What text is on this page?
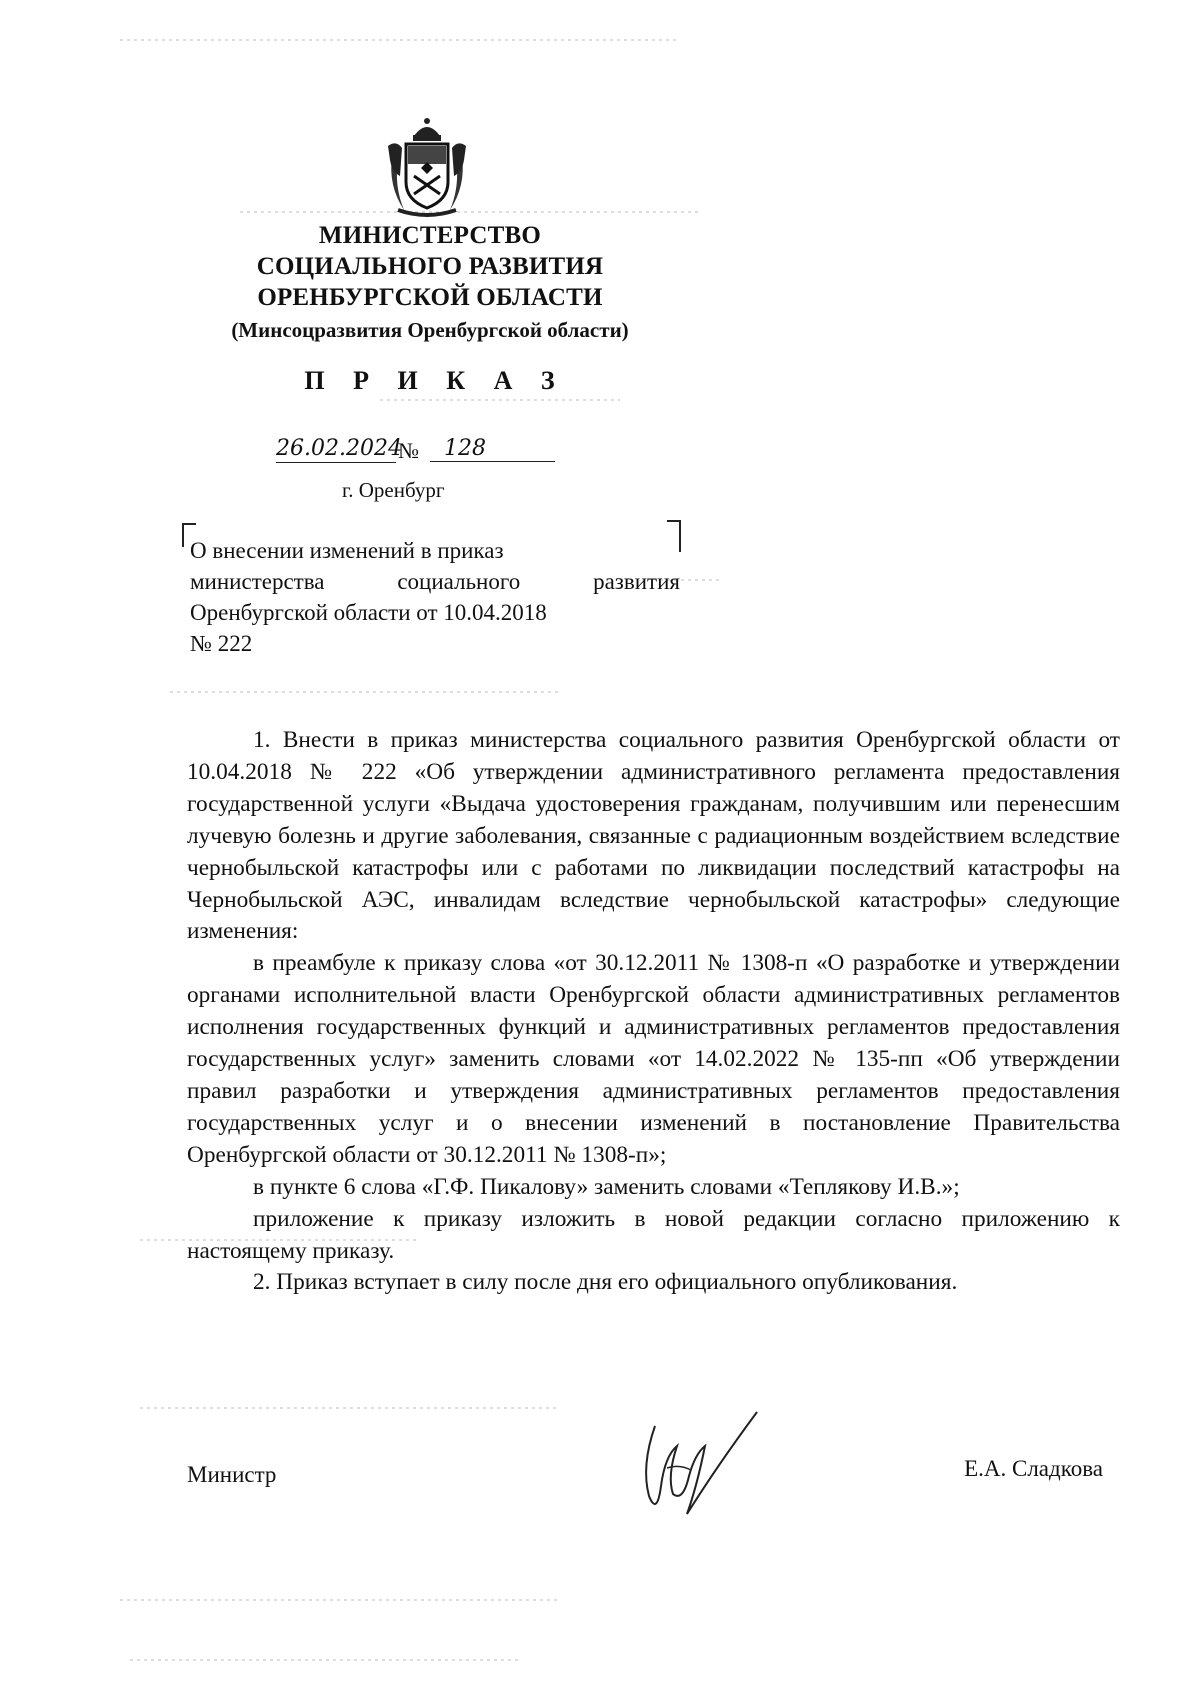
МИНИСТЕРСТВО
СОЦИАЛЬНОГО РАЗВИТИЯ
ОРЕНБУРГСКОЙ ОБЛАСТИ
(Минсоцразвития Оренбургской области)
П Р И К А З
26.02.2024
№	128
г. Оренбург

О внесении изменений в приказ

министерства социального развития

Оренбургской области от 10.04.2018

№ 222

1. Внести в приказ министерства социального развития Оренбургской области от 10.04.2018 № 222 «Об утверждении административного регламента предоставления государственной услуги «Выдача удостоверения гражданам, получившим или перенесшим лучевую болезнь и другие заболевания, связанные с радиационным воздействием вследствие чернобыльской катастрофы или с работами по ликвидации последствий катастрофы на Чернобыльской АЭС, инвалидам вследствие чернобыльской катастрофы» следующие изменения:

в преамбуле к приказу слова «от 30.12.2011 № 1308-п «О разработке и утверждении органами исполнительной власти Оренбургской области административных регламентов исполнения государственных функций и административных регламентов предоставления государственных услуг» заменить словами «от 14.02.2022 № 135-пп «Об утверждении правил разработки и утверждения административных регламентов предоставления государственных услуг и о внесении изменений в постановление Правительства Оренбургской области от 30.12.2011 № 1308-п»;

в пункте 6 слова «Г.Ф. Пикалову» заменить словами «Теплякову И.В.»;

приложение к приказу изложить в новой редакции согласно приложению к настоящему приказу.

2. Приказ вступает в силу после дня его официального опубликования.

Министр	Е.А. Сладкова
